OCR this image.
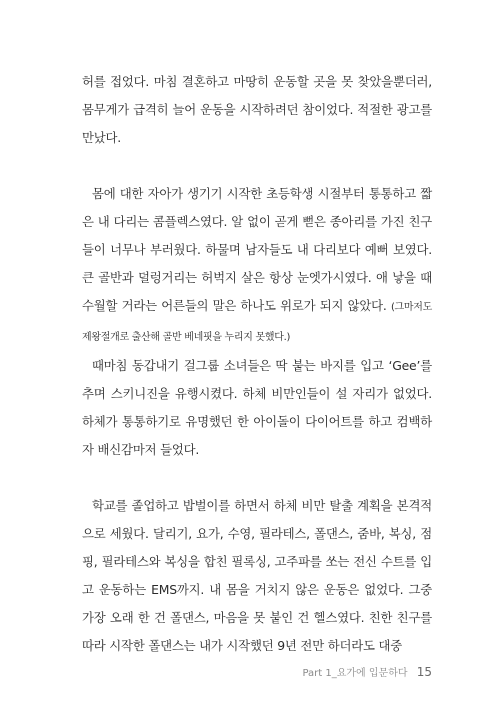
허를 접었다. 마침 결혼하고 마땅히 운동할 곳을 못 찾았을뿐더러, 몸무게가 급격히 늘어 운동을 시작하려던 참이었다. 적절한 광고를 만났다.

몸에 대한 자아가 생기기 시작한 초등학생 시절부터 통통하고 짧은 내 다리는 콤플렉스였다. 알 없이 곧게 뻗은 종아리를 가진 친구들이 너무나 부러웠다. 하물며 남자들도 내 다리보다 예뻐 보였다. 큰 골반과 덜렁거리는 허벅지 살은 항상 눈엣가시였다. 애 낳을 때 수월할 거라는 어른들의 말은 하나도 위로가 되지 않았다. (그마저도 제왕절개로 출산해 골반 베네핏을 누리지 못했다.)

때마침 동갑내기 걸그룹 소녀들은 딱 붙는 바지를 입고 ‘Gee’를 추며 스키니진을 유행시켰다. 하체 비만인들이 설 자리가 없었다. 하체가 통통하기로 유명했던 한 아이돌이 다이어트를 하고 컴백하자 배신감마저 들었다.

학교를 졸업하고 밥벌이를 하면서 하체 비만 탈출 계획을 본격적으로 세웠다. 달리기, 요가, 수영, 필라테스, 폴댄스, 줌바, 복싱, 점핑, 필라테스와 복싱을 합친 필록싱, 고주파를 쏘는 전신 수트를 입고 운동하는 EMS까지. 내 몸을 거치지 않은 운동은 없었다. 그중 가장 오래 한 건 폴댄스, 마음을 못 붙인 건 헬스였다. 친한 친구를 따라 시작한 폴댄스는 내가 시작했던 9년 전만 하더라도 대중

Part 1_요가에 입문하다 15
